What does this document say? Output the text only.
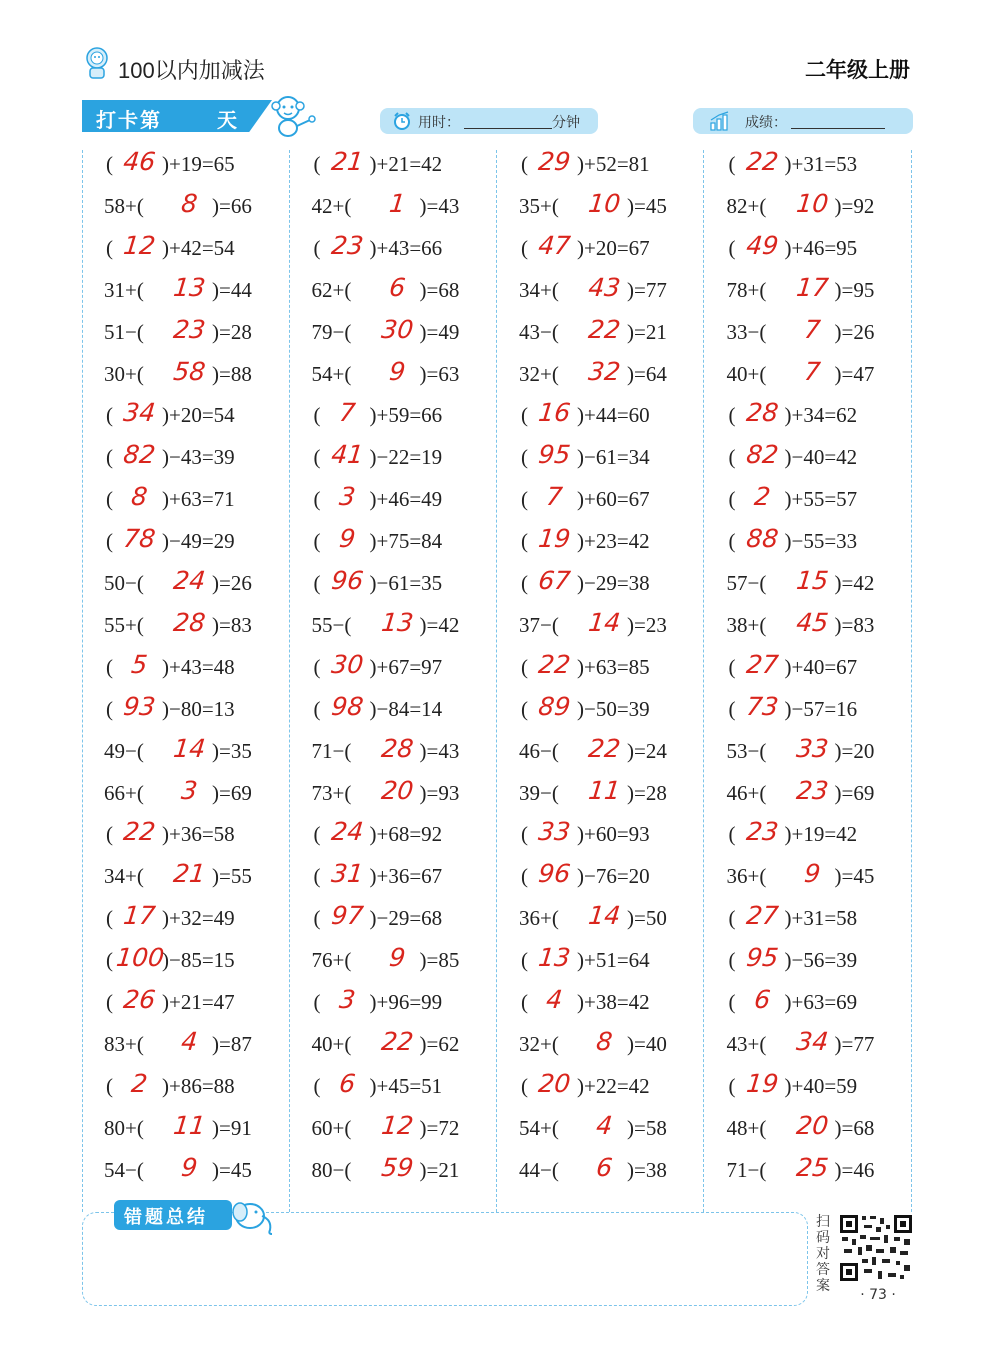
100以内加减法	二年级上册
打卡第	天	用时：	分钟	成绩：
( 46 )+19=65
58+(	8 )=66
( 12 )+42=54
31+(	13 )=44
51−(	23 )=28
30+(	58 )=88
( 34 )+20=54
( 82 )−43=39
( 8 )+63=71
( 78 )−49=29
50−(	24 )=26
55+(	28 )=83
( 5 )+43=48
( 93 )−80=13
49−(	14 )=35
66+(	3 )=69
( 22 )+36=58
34+(	21 )=55
( 17 )+32=49
( 100
)−85=15
( 26 )+21=47
83+(	4 )=87
( 2 )+86=88
80+(	11 )=91
54−(	9 )=45
( 21 )+21=42
42+(	1 )=43
( 23 )+43=66
62+(	6 )=68
79−(	30 )=49
54+(	9 )=63
( 7 )+59=66
( 41 )−22=19
( 3 )+46=49
( 9 )+75=84
( 96 )−61=35
55−(	13 )=42
( 30 )+67=97
( 98 )−84=14
71−(	28 )=43
73+(	20 )=93
( 24 )+68=92
( 31 )+36=67
( 97 )−29=68
76+(	9 )=85
( 3 )+96=99
40+(	22 )=62
( 6 )+45=51
60+(	12 )=72
80−(	59 )=21
( 29 )+52=81
35+(	10 )=45
( 47 )+20=67
34+(	43 )=77
43−(	22 )=21
32+(	32 )=64
( 16 )+44=60
( 95 )−61=34
( 7 )+60=67
( 19 )+23=42
( 67 )−29=38
37−(	14 )=23
( 22 )+63=85
( 89 )−50=39
46−(	22 )=24
39−(	11 )=28
( 33 )+60=93
( 96 )−76=20
36+(	14 )=50
( 13 )+51=64
( 4 )+38=42
32+(	8 )=40
( 20 )+22=42
54+(	4 )=58
44−(	6 )=38
( 22 )+31=53
82+(	10 )=92
( 49 )+46=95
78+(	17 )=95
33−(	7 )=26
40+(	7 )=47
( 28 )+34=62
( 82 )−40=42
( 2 )+55=57
( 88 )−55=33
57−(	15 )=42
38+(	45 )=83
( 27 )+40=67
( 73 )−57=16
53−(	33 )=20
46+(	23 )=69
( 23 )+19=42
36+(	9 )=45
( 27 )+31=58
( 95 )−56=39
( 6 )+63=69
43+(	34 )=77
( 19 )+40=59
48+(	20 )=68
71−(	25 )=46
错题总结	扫码对答案
· 73 ·
